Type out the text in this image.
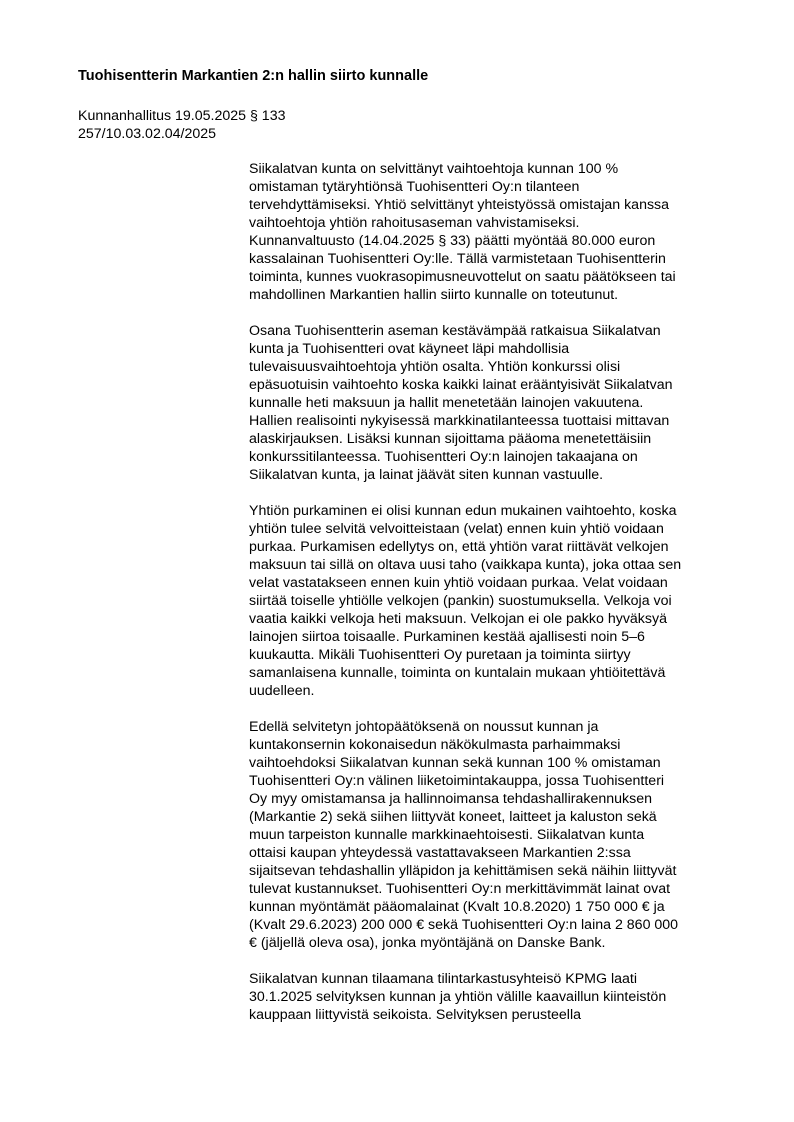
Tuohisentterin Markantien 2:n hallin siirto kunnalle
Kunnanhallitus 19.05.2025 § 133
257/10.03.02.04/2025

Siikalatvan kunta on selvittänyt vaihtoehtoja kunnan 100 %
omistaman tytäryhtiönsä Tuohisentteri Oy:n tilanteen
tervehdyttämiseksi. Yhtiö selvittänyt yhteistyössä omistajan kanssa
vaihtoehtoja yhtiön rahoitusaseman vahvistamiseksi.
Kunnanvaltuusto (14.04.2025 § 33) päätti myöntää 80.000 euron
kassalainan Tuohisentteri Oy:lle. Tällä varmistetaan Tuohisentterin
toiminta, kunnes vuokrasopimusneuvottelut on saatu päätökseen tai
mahdollinen Markantien hallin siirto kunnalle on toteutunut.

Osana Tuohisentterin aseman kestävämpää ratkaisua Siikalatvan
kunta ja Tuohisentteri ovat käyneet läpi mahdollisia
tulevaisuusvaihtoehtoja yhtiön osalta. Yhtiön konkurssi olisi
epäsuotuisin vaihtoehto koska kaikki lainat erääntyisivät Siikalatvan
kunnalle heti maksuun ja hallit menetetään lainojen vakuutena.
Hallien realisointi nykyisessä markkinatilanteessa tuottaisi mittavan
alaskirjauksen. Lisäksi kunnan sijoittama pääoma menetettäisiin
konkurssitilanteessa. Tuohisentteri Oy:n lainojen takaajana on
Siikalatvan kunta, ja lainat jäävät siten kunnan vastuulle.

Yhtiön purkaminen ei olisi kunnan edun mukainen vaihtoehto, koska
yhtiön tulee selvitä velvoitteistaan (velat) ennen kuin yhtiö voidaan
purkaa. Purkamisen edellytys on, että yhtiön varat riittävät velkojen
maksuun tai sillä on oltava uusi taho (vaikkapa kunta), joka ottaa sen
velat vastatakseen ennen kuin yhtiö voidaan purkaa. Velat voidaan
siirtää toiselle yhtiölle velkojen (pankin) suostumuksella. Velkoja voi
vaatia kaikki velkoja heti maksuun. Velkojan ei ole pakko hyväksyä
lainojen siirtoa toisaalle. Purkaminen kestää ajallisesti noin 5–6
kuukautta. Mikäli Tuohisentteri Oy puretaan ja toiminta siirtyy
samanlaisena kunnalle, toiminta on kuntalain mukaan yhtiöitettävä
uudelleen.

Edellä selvitetyn johtopäätöksenä on noussut kunnan ja
kuntakonsernin kokonaisedun näkökulmasta parhaimmaksi
vaihtoehdoksi Siikalatvan kunnan sekä kunnan 100 % omistaman
Tuohisentteri Oy:n välinen liiketoimintakauppa, jossa Tuohisentteri
Oy myy omistamansa ja hallinnoimansa tehdashallirakennuksen
(Markantie 2) sekä siihen liittyvät koneet, laitteet ja kaluston sekä
muun tarpeiston kunnalle markkinaehtoisesti. Siikalatvan kunta
ottaisi kaupan yhteydessä vastattavakseen Markantien 2:ssa
sijaitsevan tehdashallin ylläpidon ja kehittämisen sekä näihin liittyvät
tulevat kustannukset. Tuohisentteri Oy:n merkittävimmät lainat ovat
kunnan myöntämät pääomalainat (Kvalt 10.8.2020) 1 750 000 € ja
(Kvalt 29.6.2023) 200 000 € sekä Tuohisentteri Oy:n laina 2 860 000
€ (jäljellä oleva osa), jonka myöntäjänä on Danske Bank.

Siikalatvan kunnan tilaamana tilintarkastusyhteisö KPMG laati
30.1.2025 selvityksen kunnan ja yhtiön välille kaavaillun kiinteistön
kauppaan liittyvistä seikoista. Selvityksen perusteella
